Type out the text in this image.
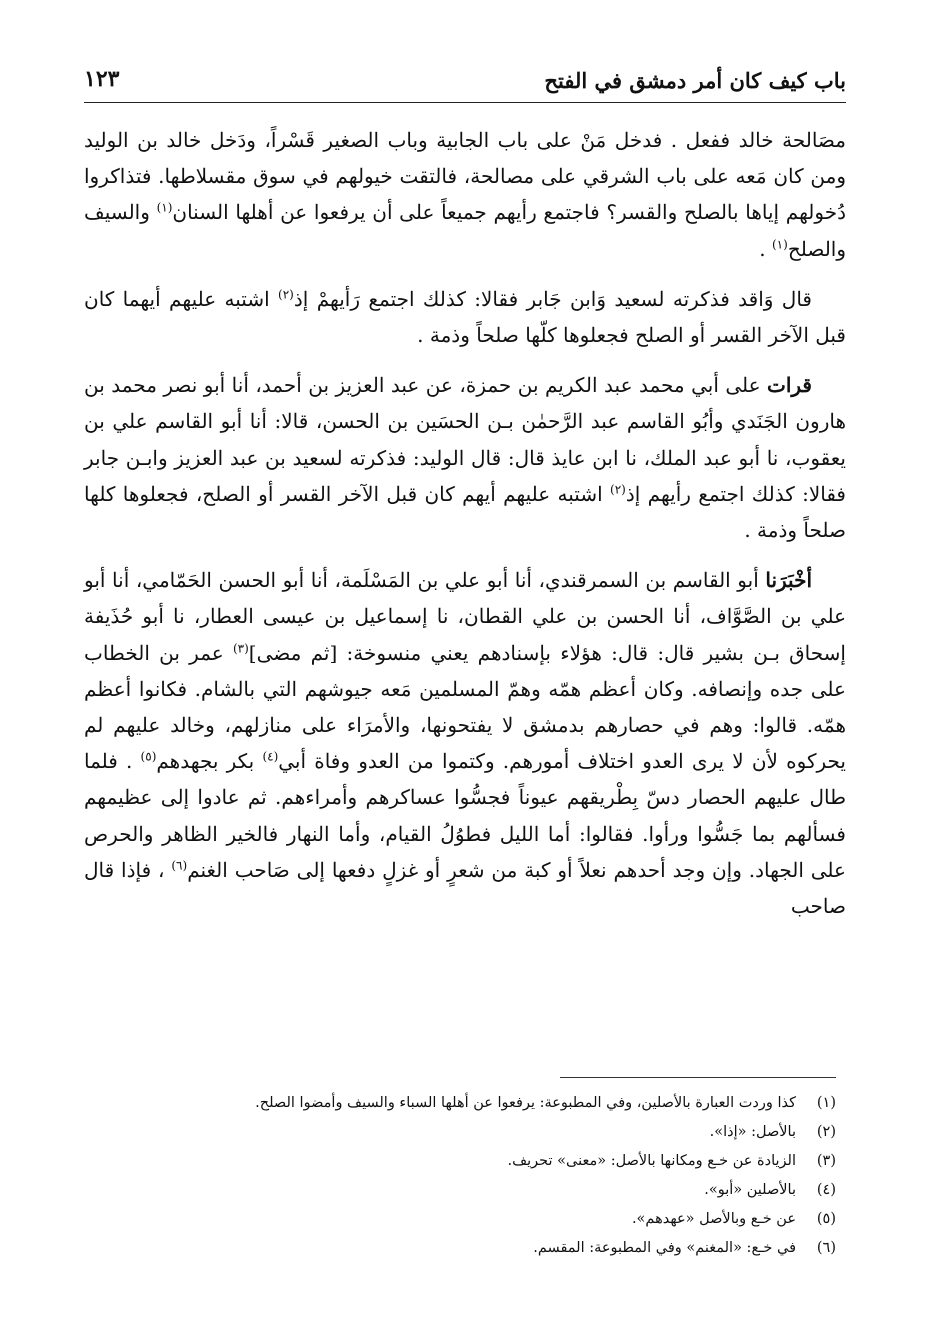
باب كيف كان أمر دمشق في الفتح
١٢٣

مصَالحة خالد ففعل . فدخل مَنْ على باب الجابية وباب الصغير قَسْراً، ودَخل خالد بن الوليد ومن كان مَعه على باب الشرقي على مصالحة، فالتقت خيولهم في سوق مقسلاطها. فتذاكروا دُخولهم إياها بالصلح والقسر؟ فاجتمع رأيهم جميعاً على أن يرفعوا عن أهلها السنان$^{(١)}$ والسيف والصلح$^{(١)}$ .

قال وَاقد فذكرته لسعيد وَابن جَابر فقالا: كذلك اجتمع رَأيهمْ إذ$^{(٢)}$ اشتبه عليهم أيهما كان قبل الآخر القسر أو الصلح فجعلوها كلّها صلحاً وذمة .

قرات على أبي محمد عبد الكريم بن حمزة، عن عبد العزيز بن أحمد، أنا أبو نصر محمد بن هارون الجَنَدي وأبُو القاسم عبد الرَّحمٰن بـن الحسَين بن الحسن، قالا: أنا أبو القاسم علي بن يعقوب، نا أبو عبد الملك، نا ابن عايذ قال: قال الوليد: فذكرته لسعيد بن عبد العزيز وابـن جابر فقالا: كذلك اجتمع رأيهم إذ$^{(٢)}$ اشتبه عليهم أيهم كان قبل الآخر القسر أو الصلح، فجعلوها كلها صلحاً وذمة .

أخْبَرَنا أبو القاسم بن السمرقندي، أنا أبو علي بن المَسْلَمة، أنا أبو الحسن الحَمّامي، أنا أبو علي بن الصَّوَّاف، أنا الحسن بن علي القطان، نا إسماعيل بن عيسى العطار، نا أبو حُذَيفة إسحاق بـن بشير قال: قال: هؤلاء بإسنادهم يعني منسوخة: [ثم مضى]$^{(٣)}$ عمر بن الخطاب على جده وإنصافه. وكان أعظم همّه وهمّ المسلمين مَعه جيوشهم التي بالشام. فكانوا أعظم همّه. قالوا: وهم في حصارهم بدمشق لا يفتحونها، والأمرَاء على منازلهم، وخالد عليهم لم يحركوه لأن لا يرى العدو اختلاف أمورهم. وكتموا من العدو وفاة أبي$^{(٤)}$ بكر بجهدهم$^{(٥)}$ . فلما طال عليهم الحصار دسّ بِطْريقهم عيوناً فجسُّوا عساكرهم وأمراءهم. ثم عادوا إلى عظيمهم فسألهم بما جَسُّوا ورأوا. فقالوا: أما الليل فطوُلُ القيام، وأما النهار فالخير الظاهر والحرص على الجهاد. وإن وجد أحدهم نعلاً أو كبة من شعرٍ أو غزلٍ دفعها إلى صَاحب الغنم$^{(٦)}$ ، فإذا قال صاحب

(١)
كذا وردت العبارة بالأصلين، وفي المطبوعة: يرفعوا عن أهلها السباء والسيف وأمضوا الصلح.
(٢)
بالأصل: «إذا».
(٣)
الزيادة عن خـع ومكانها بالأصل: «معنى» تحريف.
(٤)
بالأصلين «أبو».
(٥)
عن خـع وبالأصل «عهدهم».
(٦)
في خـع: «المغنم» وفي المطبوعة: المقسم.
